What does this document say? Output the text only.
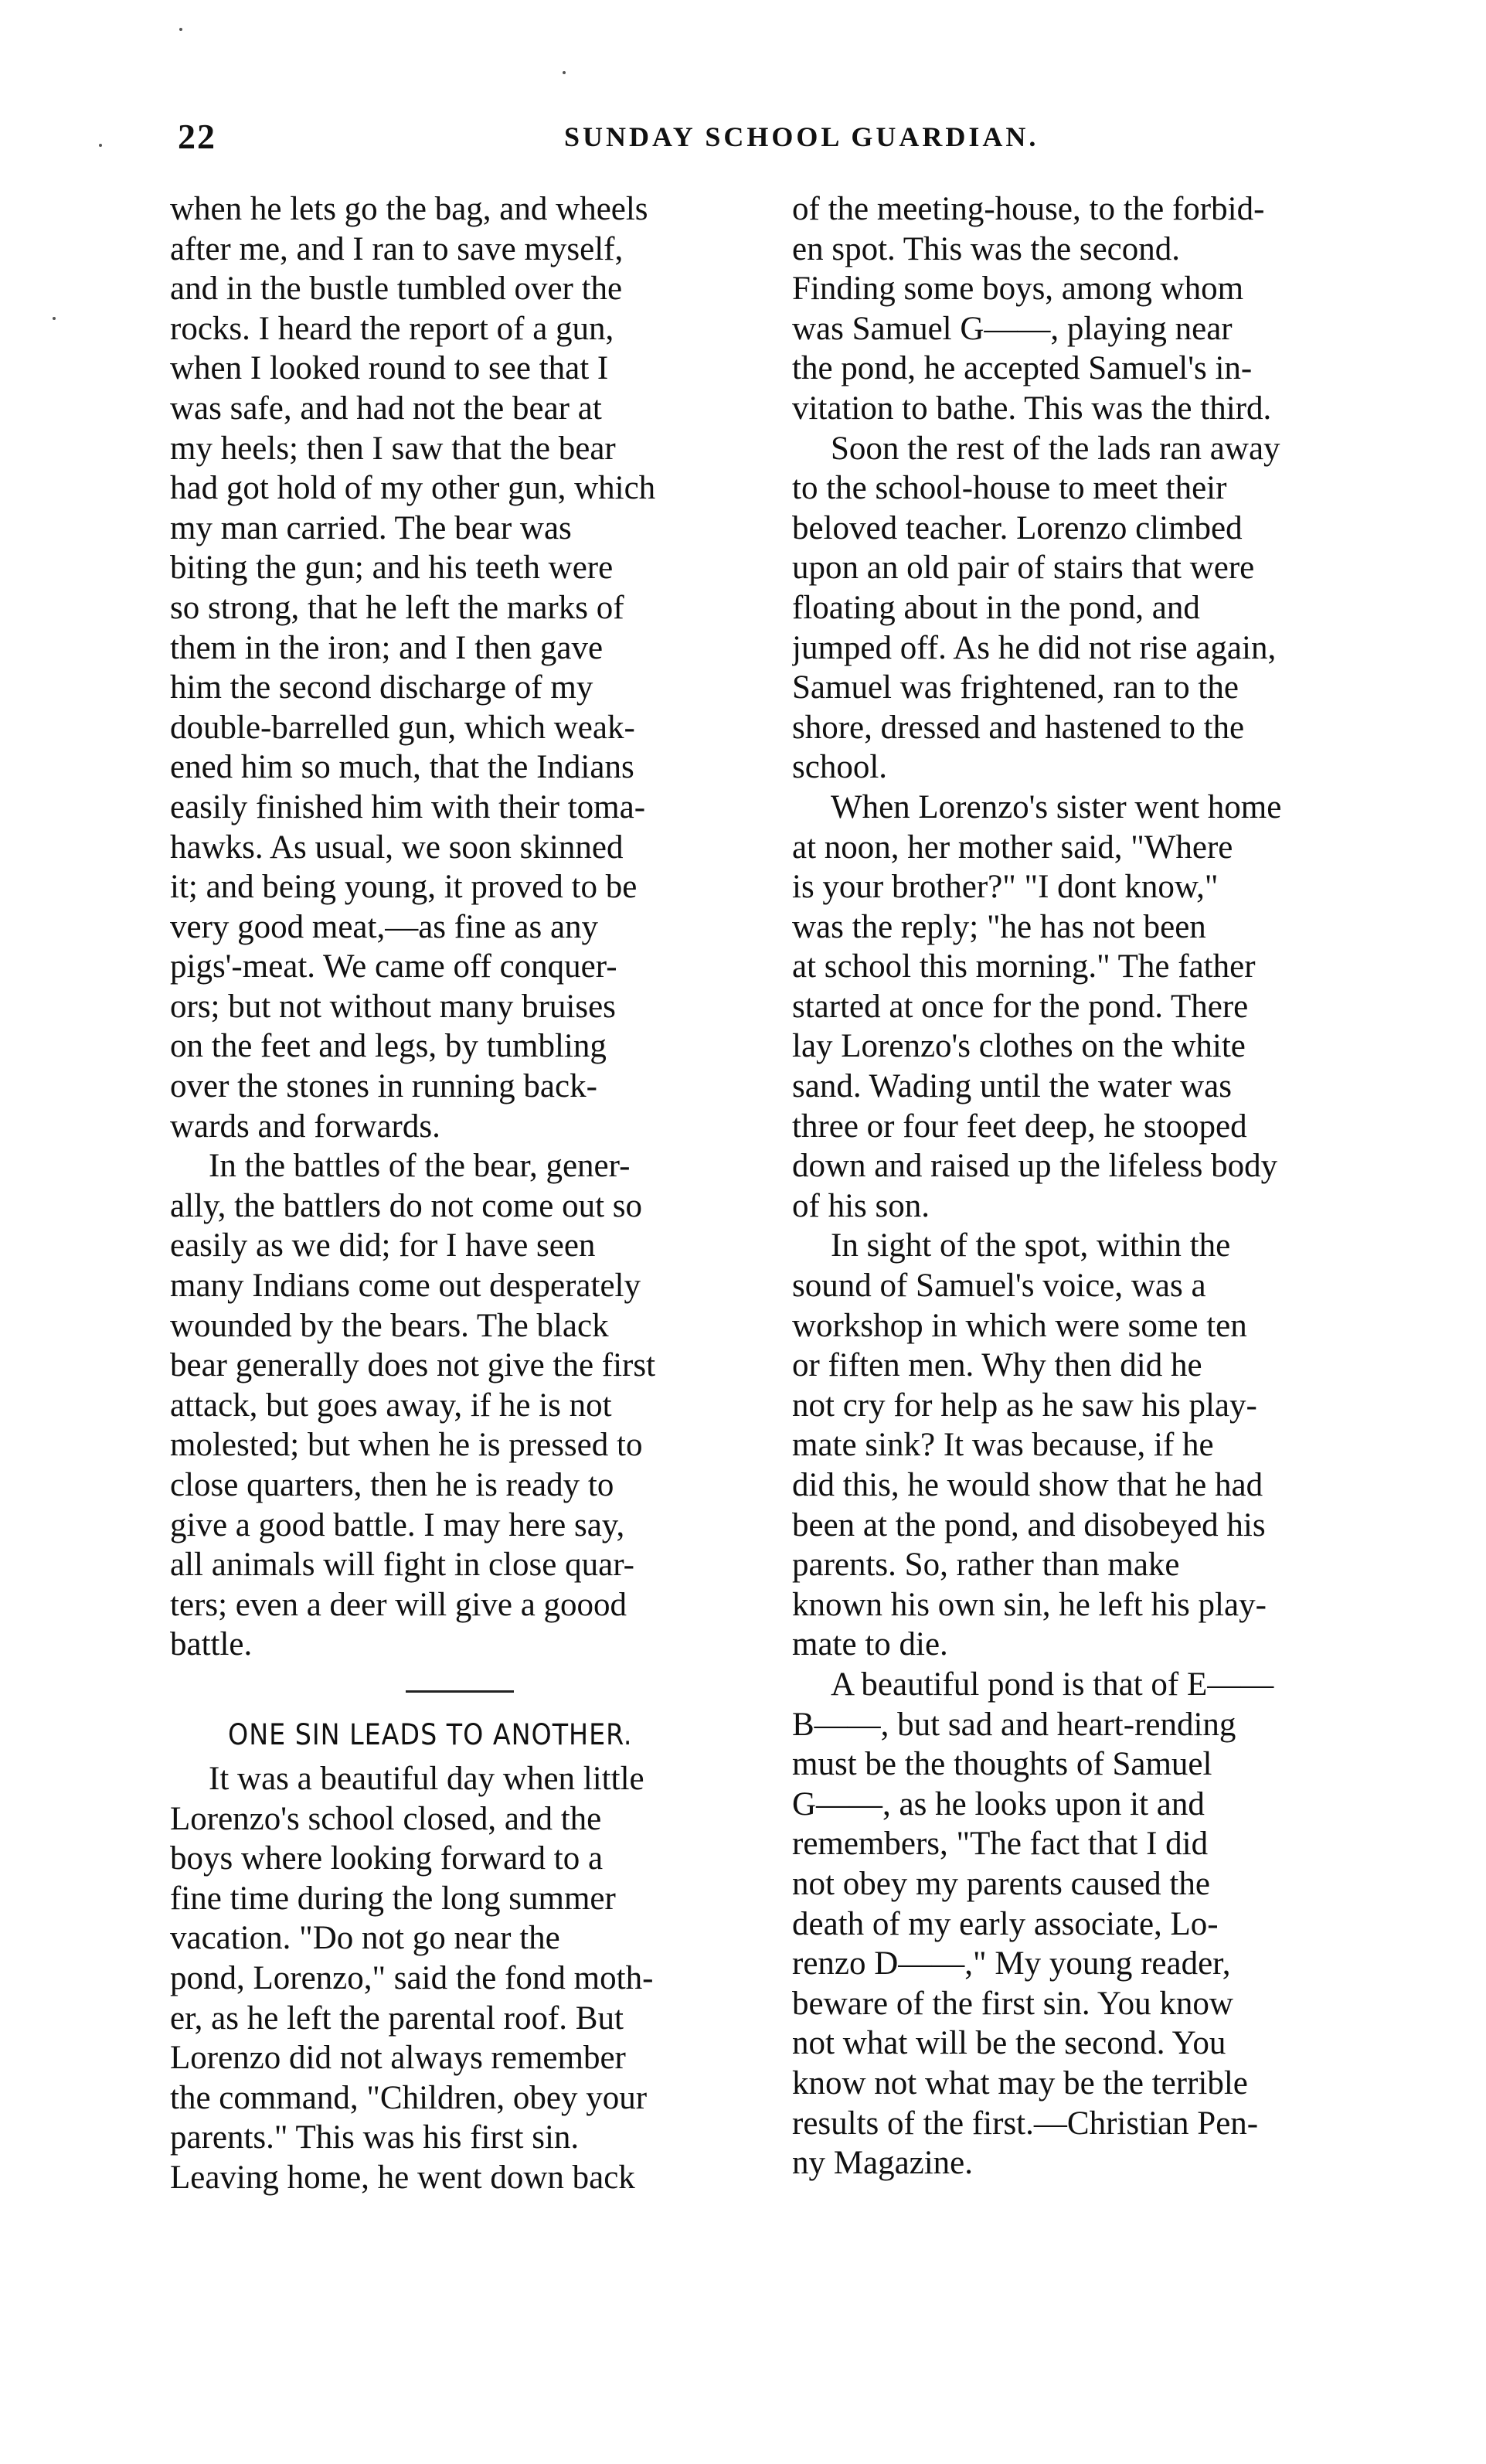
22	SUNDAY SCHOOL GUARDIAN.
when he lets go the bag, and wheels
after me, and I ran to save myself,
and in the bustle tumbled over the
rocks. I heard the report of a gun,
when I looked round to see that I
was safe, and had not the bear at
my heels; then I saw that the bear
had got hold of my other gun, which
my man carried. The bear was
biting the gun; and his teeth were
so strong, that he left the marks of
them in the iron; and I then gave
him the second discharge of my
double-barrelled gun, which weak-
ened him so much, that the Indians
easily finished him with their toma-
hawks. As usual, we soon skinned
it; and being young, it proved to be
very good meat,—as fine as any
pigs'-meat. We came off conquer-
ors; but not without many bruises
on the feet and legs, by tumbling
over the stones in running back-
wards and forwards.
In the battles of the bear, gener-
ally, the battlers do not come out so
easily as we did; for I have seen
many Indians come out desperately
wounded by the bears. The black
bear generally does not give the first
attack, but goes away, if he is not
molested; but when he is pressed to
close quarters, then he is ready to
give a good battle. I may here say,
all animals will fight in close quar-
ters; even a deer will give a goood
battle.
ONE SIN LEADS TO ANOTHER.
It was a beautiful day when little
Lorenzo's school closed, and the
boys where looking forward to a
fine time during the long summer
vacation. "Do not go near the
pond, Lorenzo," said the fond moth-
er, as he left the parental roof. But
Lorenzo did not always remember
the command, "Children, obey your
parents." This was his first sin.
Leaving home, he went down back
of the meeting-house, to the forbid-
en spot. This was the second.
Finding some boys, among whom
was Samuel G——, playing near
the pond, he accepted Samuel's in-
vitation to bathe. This was the third.
Soon the rest of the lads ran away
to the school-house to meet their
beloved teacher. Lorenzo climbed
upon an old pair of stairs that were
floating about in the pond, and
jumped off. As he did not rise again,
Samuel was frightened, ran to the
shore, dressed and hastened to the
school.
When Lorenzo's sister went home
at noon, her mother said, "Where
is your brother?" "I dont know,"
was the reply; "he has not been
at school this morning." The father
started at once for the pond. There
lay Lorenzo's clothes on the white
sand. Wading until the water was
three or four feet deep, he stooped
down and raised up the lifeless body
of his son.
In sight of the spot, within the
sound of Samuel's voice, was a
workshop in which were some ten
or fiften men. Why then did he
not cry for help as he saw his play-
mate sink? It was because, if he
did this, he would show that he had
been at the pond, and disobeyed his
parents. So, rather than make
known his own sin, he left his play-
mate to die.
A beautiful pond is that of E——
B——, but sad and heart-rending
must be the thoughts of Samuel
G——, as he looks upon it and
remembers, "The fact that I did
not obey my parents caused the
death of my early associate, Lo-
renzo D——," My young reader,
beware of the first sin. You know
not what will be the second. You
know not what may be the terrible
results of the first.—Christian Pen-
ny Magazine.
